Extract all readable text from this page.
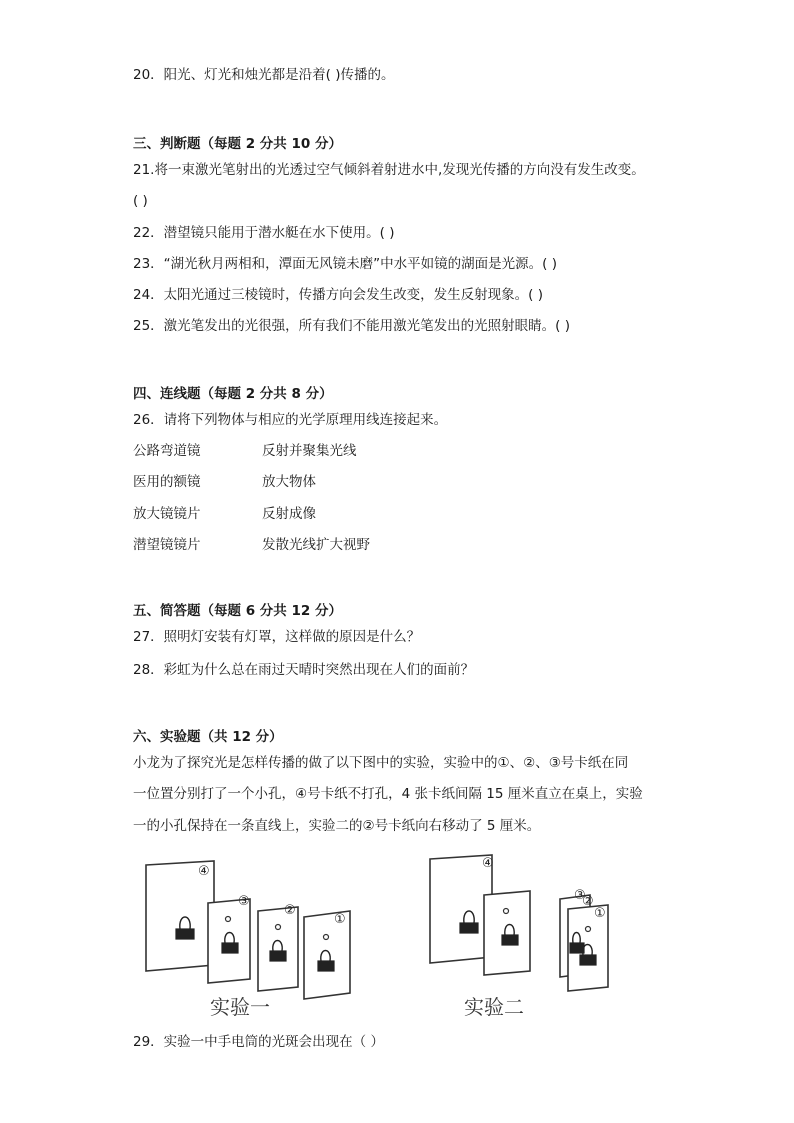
20．阳光、灯光和烛光都是沿着( )传播的。
三、判断题（每题 2 分共 10 分）
21.将一束激光笔射出的光透过空气倾斜着射进水中,发现光传播的方向没有发生改变。
( )
22．潜望镜只能用于潜水艇在水下使用。( )
23．“湖光秋月两相和，潭面无风镜未磨”中水平如镜的湖面是光源。( )
24．太阳光通过三棱镜时，传播方向会发生改变，发生反射现象。( )
25．激光笔发出的光很强，所有我们不能用激光笔发出的光照射眼睛。( )
四、连线题（每题 2 分共 8 分）
26．请将下列物体与相应的光学原理用线连接起来。
公路弯道镜	反射并聚集光线
医用的额镜	放大物体
放大镜镜片	反射成像
潜望镜镜片	发散光线扩大视野
五、简答题（每题 6 分共 12 分）
27．照明灯安装有灯罩，这样做的原因是什么？
28．彩虹为什么总在雨过天晴时突然出现在人们的面前？
六、实验题（共 12 分）
小龙为了探究光是怎样传播的做了以下图中的实验，实验中的①、②、③号卡纸在同
一位置分别打了一个小孔，④号卡纸不打孔，4 张卡纸间隔 15 厘米直立在桌上，实验
一的小孔保持在一条直线上，实验二的②号卡纸向右移动了 5 厘米。
④
③
②
①
④
③
②
①
实验一	实验二
29．实验一中手电筒的光斑会出现在（ ）
